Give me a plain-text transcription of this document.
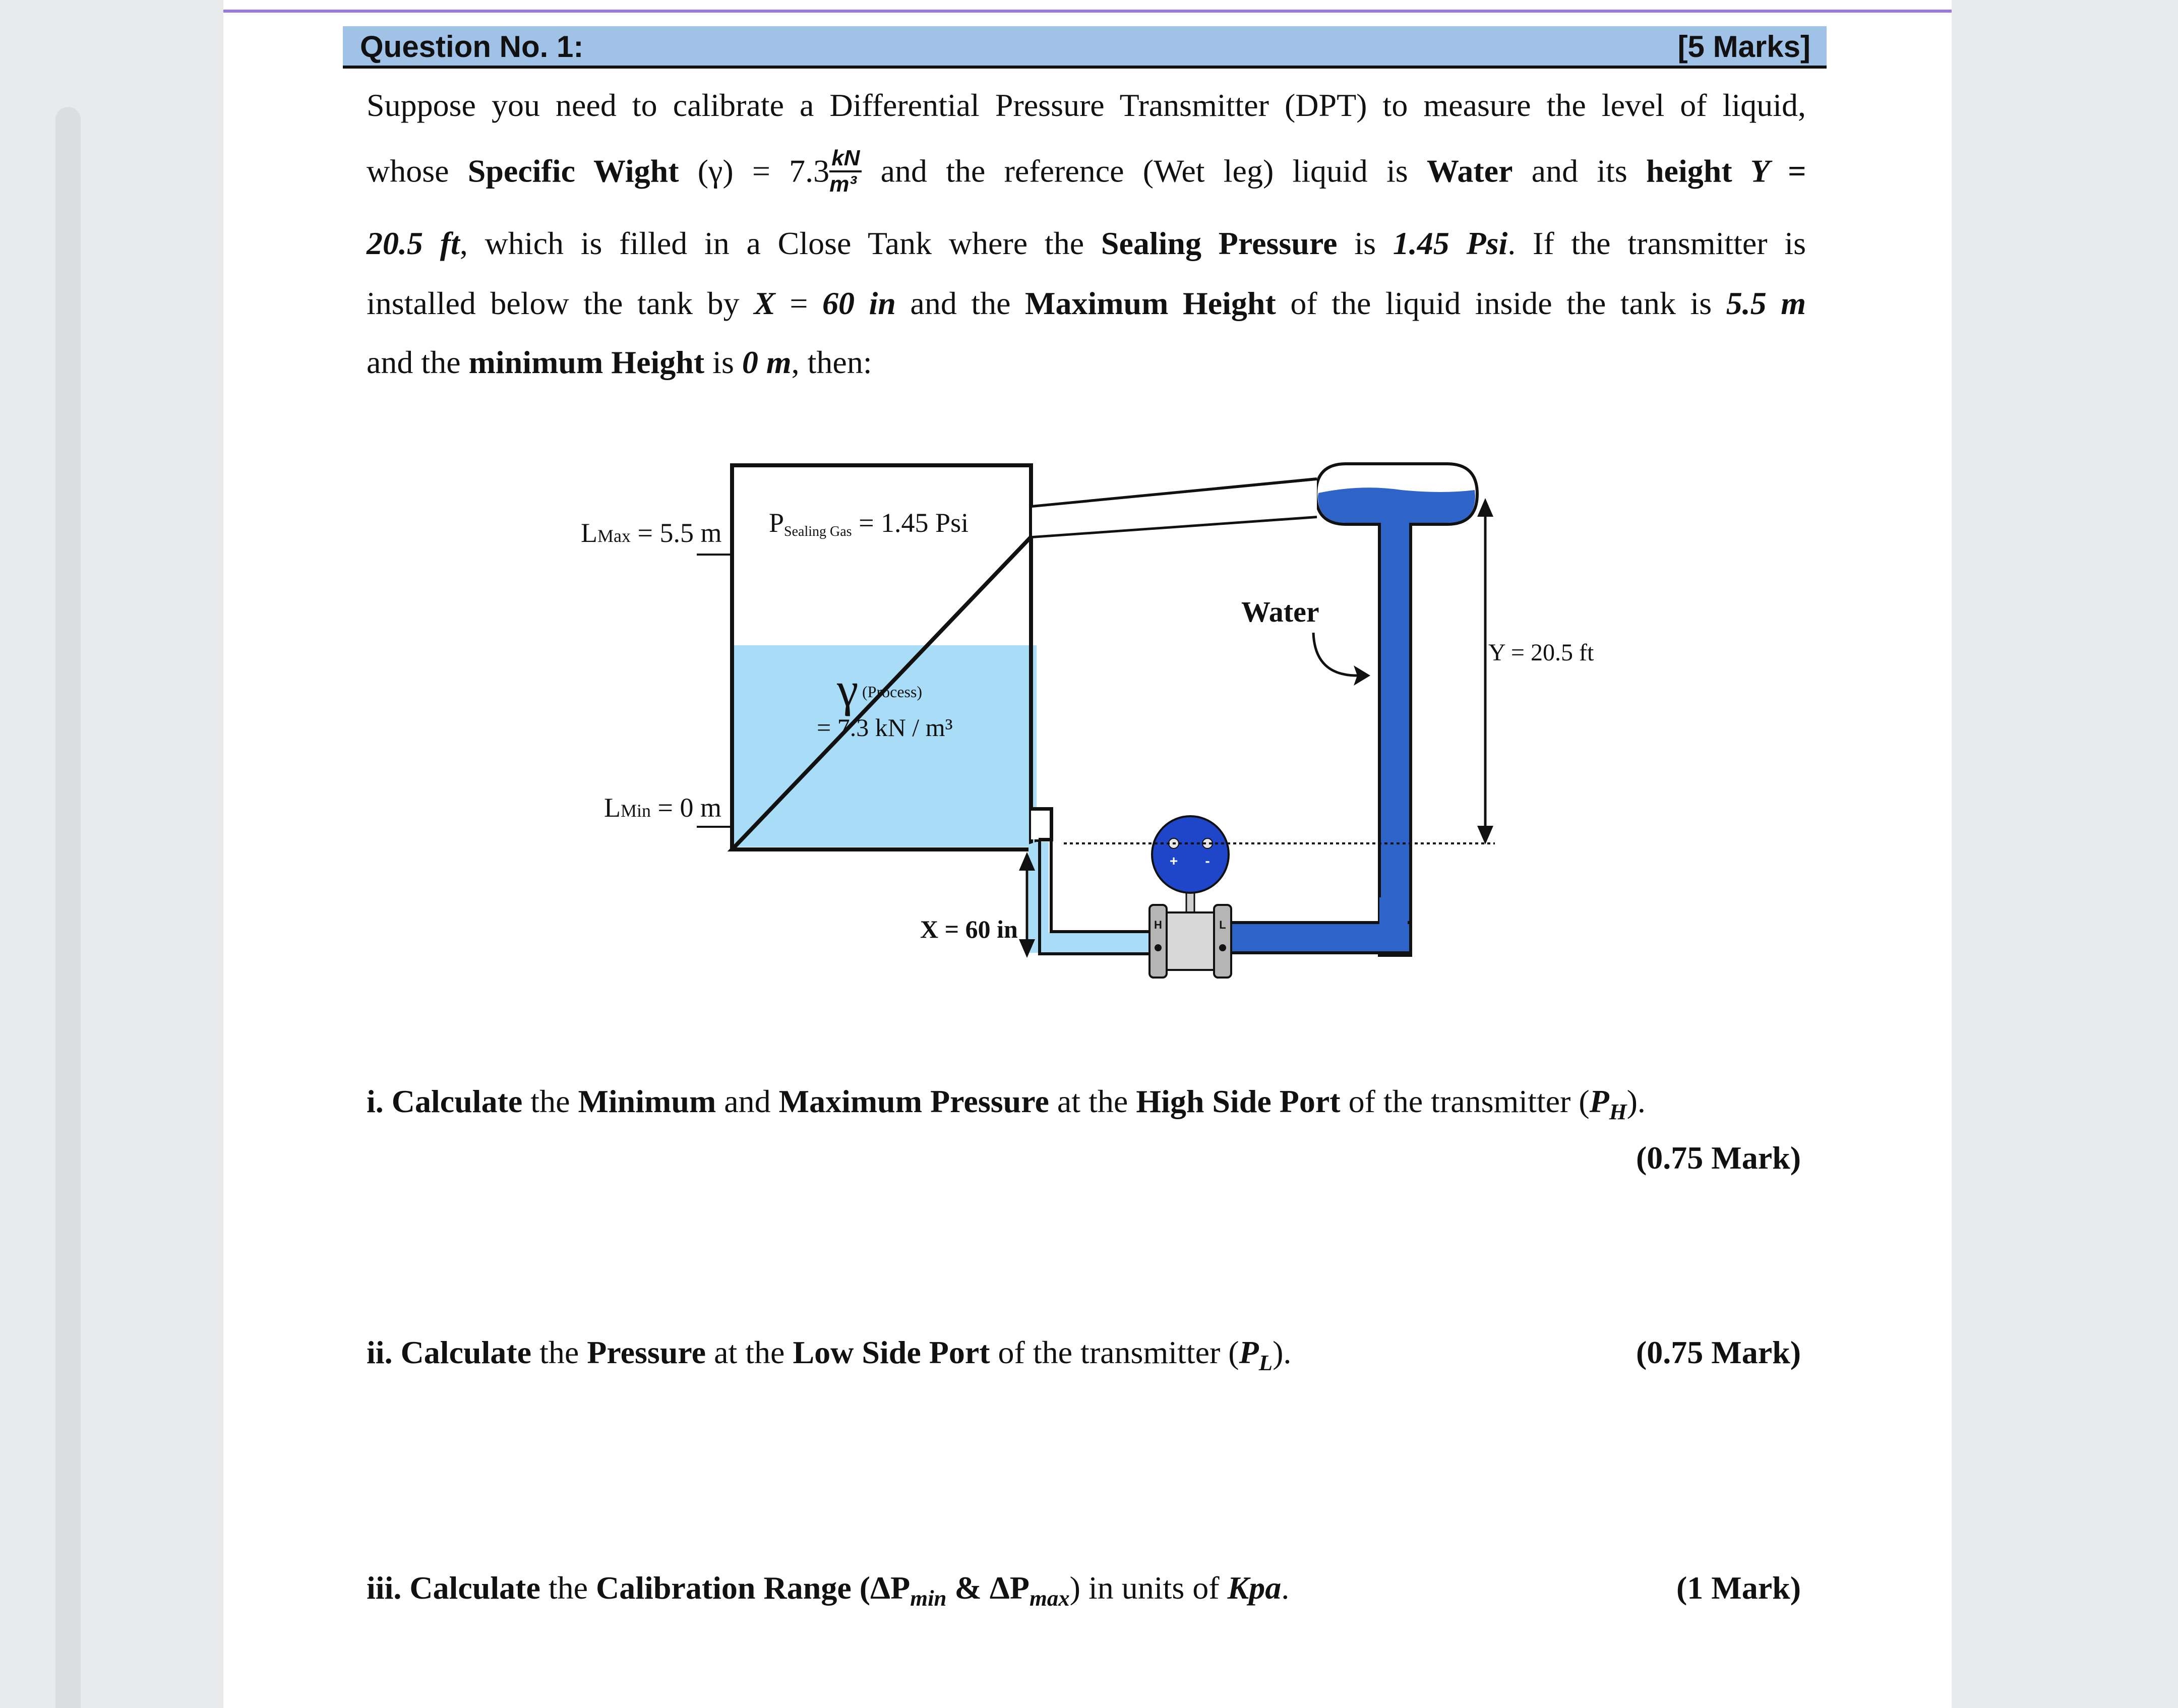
Question No. 1:	[5 Marks]
Suppose you need to calibrate a Differential Pressure Transmitter (DPT) to measure the level of liquid,
whose Specific Wight $(\gamma) = 7.3 \frac{kN}{\text{m³}}$ and the reference (Wet leg) liquid is Water and its height Y =
20.5 ft, which is filled in a Close Tank where the Sealing Pressure is 1.45 Psi. If the transmitter is
installed below the tank by X = 60 in and the Maximum Height of the liquid inside the tank is 5.5 m
and the minimum Height is 0 m, then:
+ -
H	L
LMax = 5.5 m
LMin = 0 m
PSealing Gas = 1.45 Psi
γ (Process)
= 7.3 kN / m³
Water
Y = 20.5 ft
X = 60 in
i. Calculate the Minimum and Maximum Pressure at the High Side Port of the transmitter $(P_H)$.
(0.75 Mark)
ii. Calculate the Pressure at the Low Side Port of the transmitter $(P_L)$.	(0.75 Mark)
iii. Calculate the Calibration Range ($\Delta P_{min}$ & $\Delta P_{max}$) in units of Kpa.	(1 Mark)
